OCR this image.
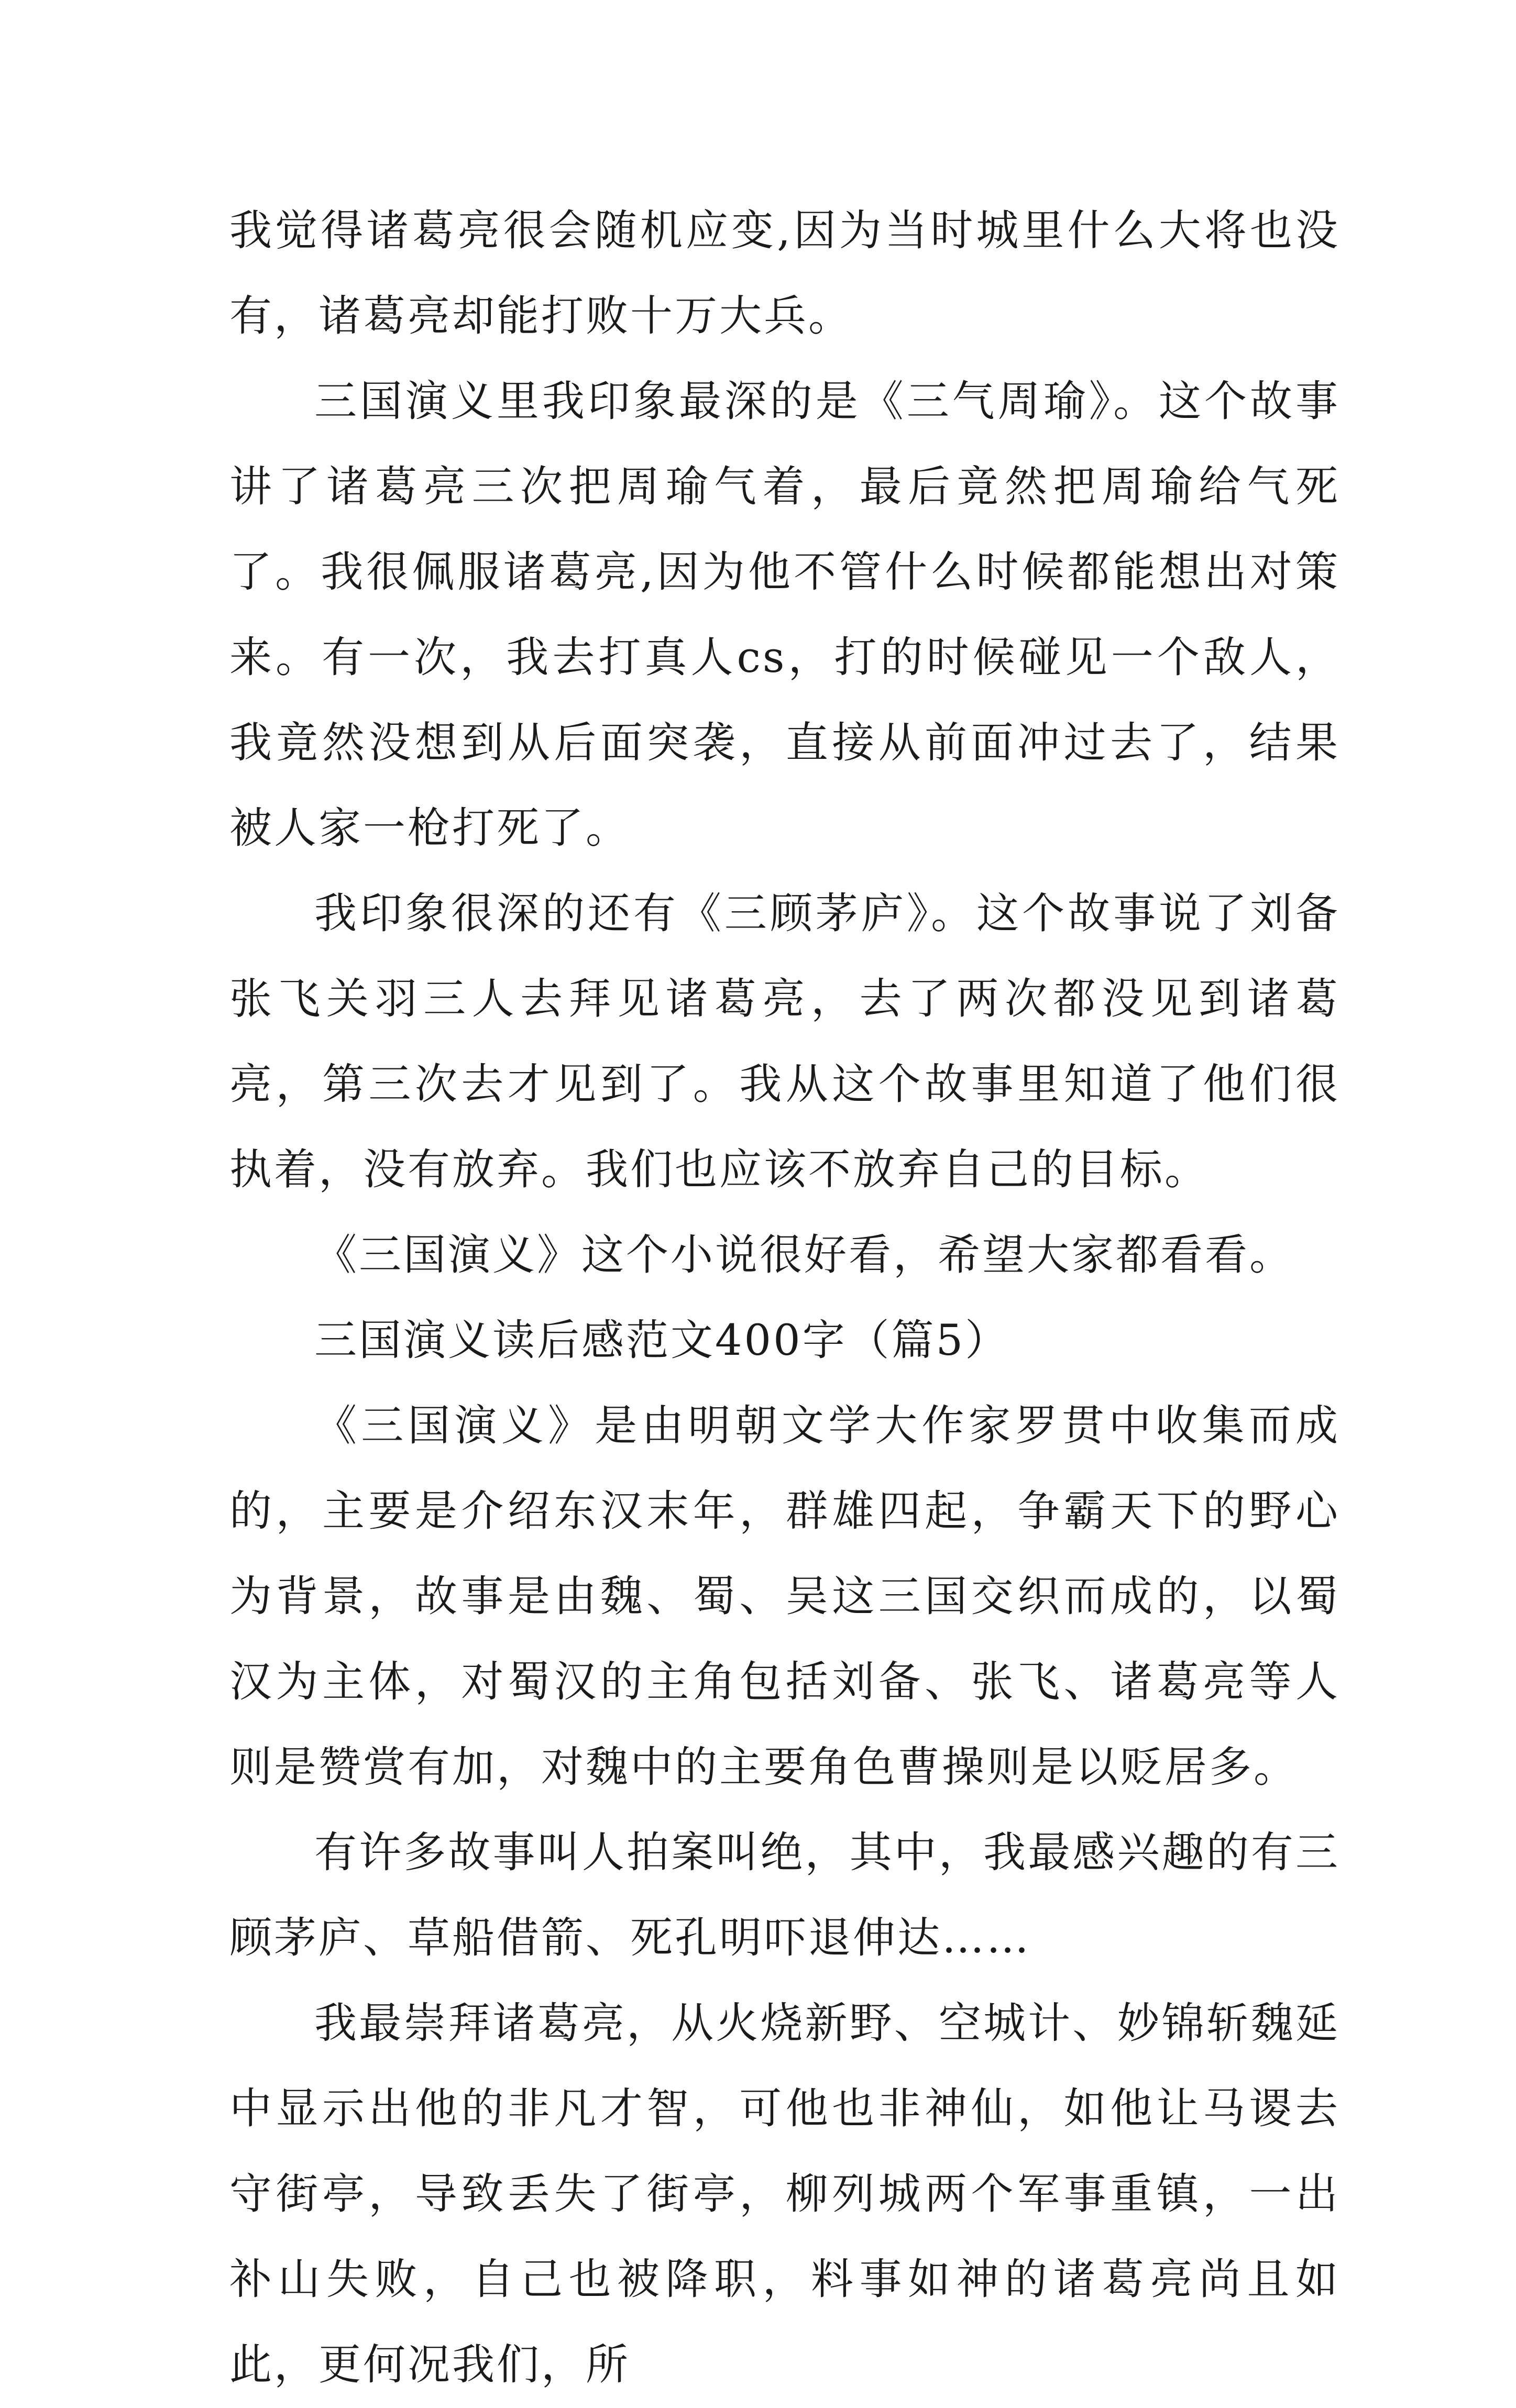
我觉得诸葛亮很会随机应变,因为当时城里什么大将也没有，诸葛亮却能打败十万大兵。

三国演义里我印象最深的是《三气周瑜》。这个故事讲了诸葛亮三次把周瑜气着，最后竟然把周瑜给气死了。我很佩服诸葛亮,因为他不管什么时候都能想出对策来。有一次，我去打真人cs，打的时候碰见一个敌人，我竟然没想到从后面突袭，直接从前面冲过去了，结果被人家一枪打死了。

我印象很深的还有《三顾茅庐》。这个故事说了刘备张飞关羽三人去拜见诸葛亮，去了两次都没见到诸葛亮，第三次去才见到了。我从这个故事里知道了他们很执着，没有放弃。我们也应该不放弃自己的目标。

《三国演义》这个小说很好看，希望大家都看看。

三国演义读后感范文400字（篇5）

《三国演义》是由明朝文学大作家罗贯中收集而成的，主要是介绍东汉末年，群雄四起，争霸天下的野心为背景，故事是由魏、蜀、吴这三国交织而成的，以蜀汉为主体，对蜀汉的主角包括刘备、张飞、诸葛亮等人则是赞赏有加，对魏中的主要角色曹操则是以贬居多。

有许多故事叫人拍案叫绝，其中，我最感兴趣的有三顾茅庐、草船借箭、死孔明吓退伸达……

我最崇拜诸葛亮，从火烧新野、空城计、妙锦斩魏延中显示出他的非凡才智，可他也非神仙，如他让马谡去守街亭，导致丢失了街亭，柳列城两个军事重镇，一出补山失败，自己也被降职，料事如神的诸葛亮尚且如此，更何况我们，所
